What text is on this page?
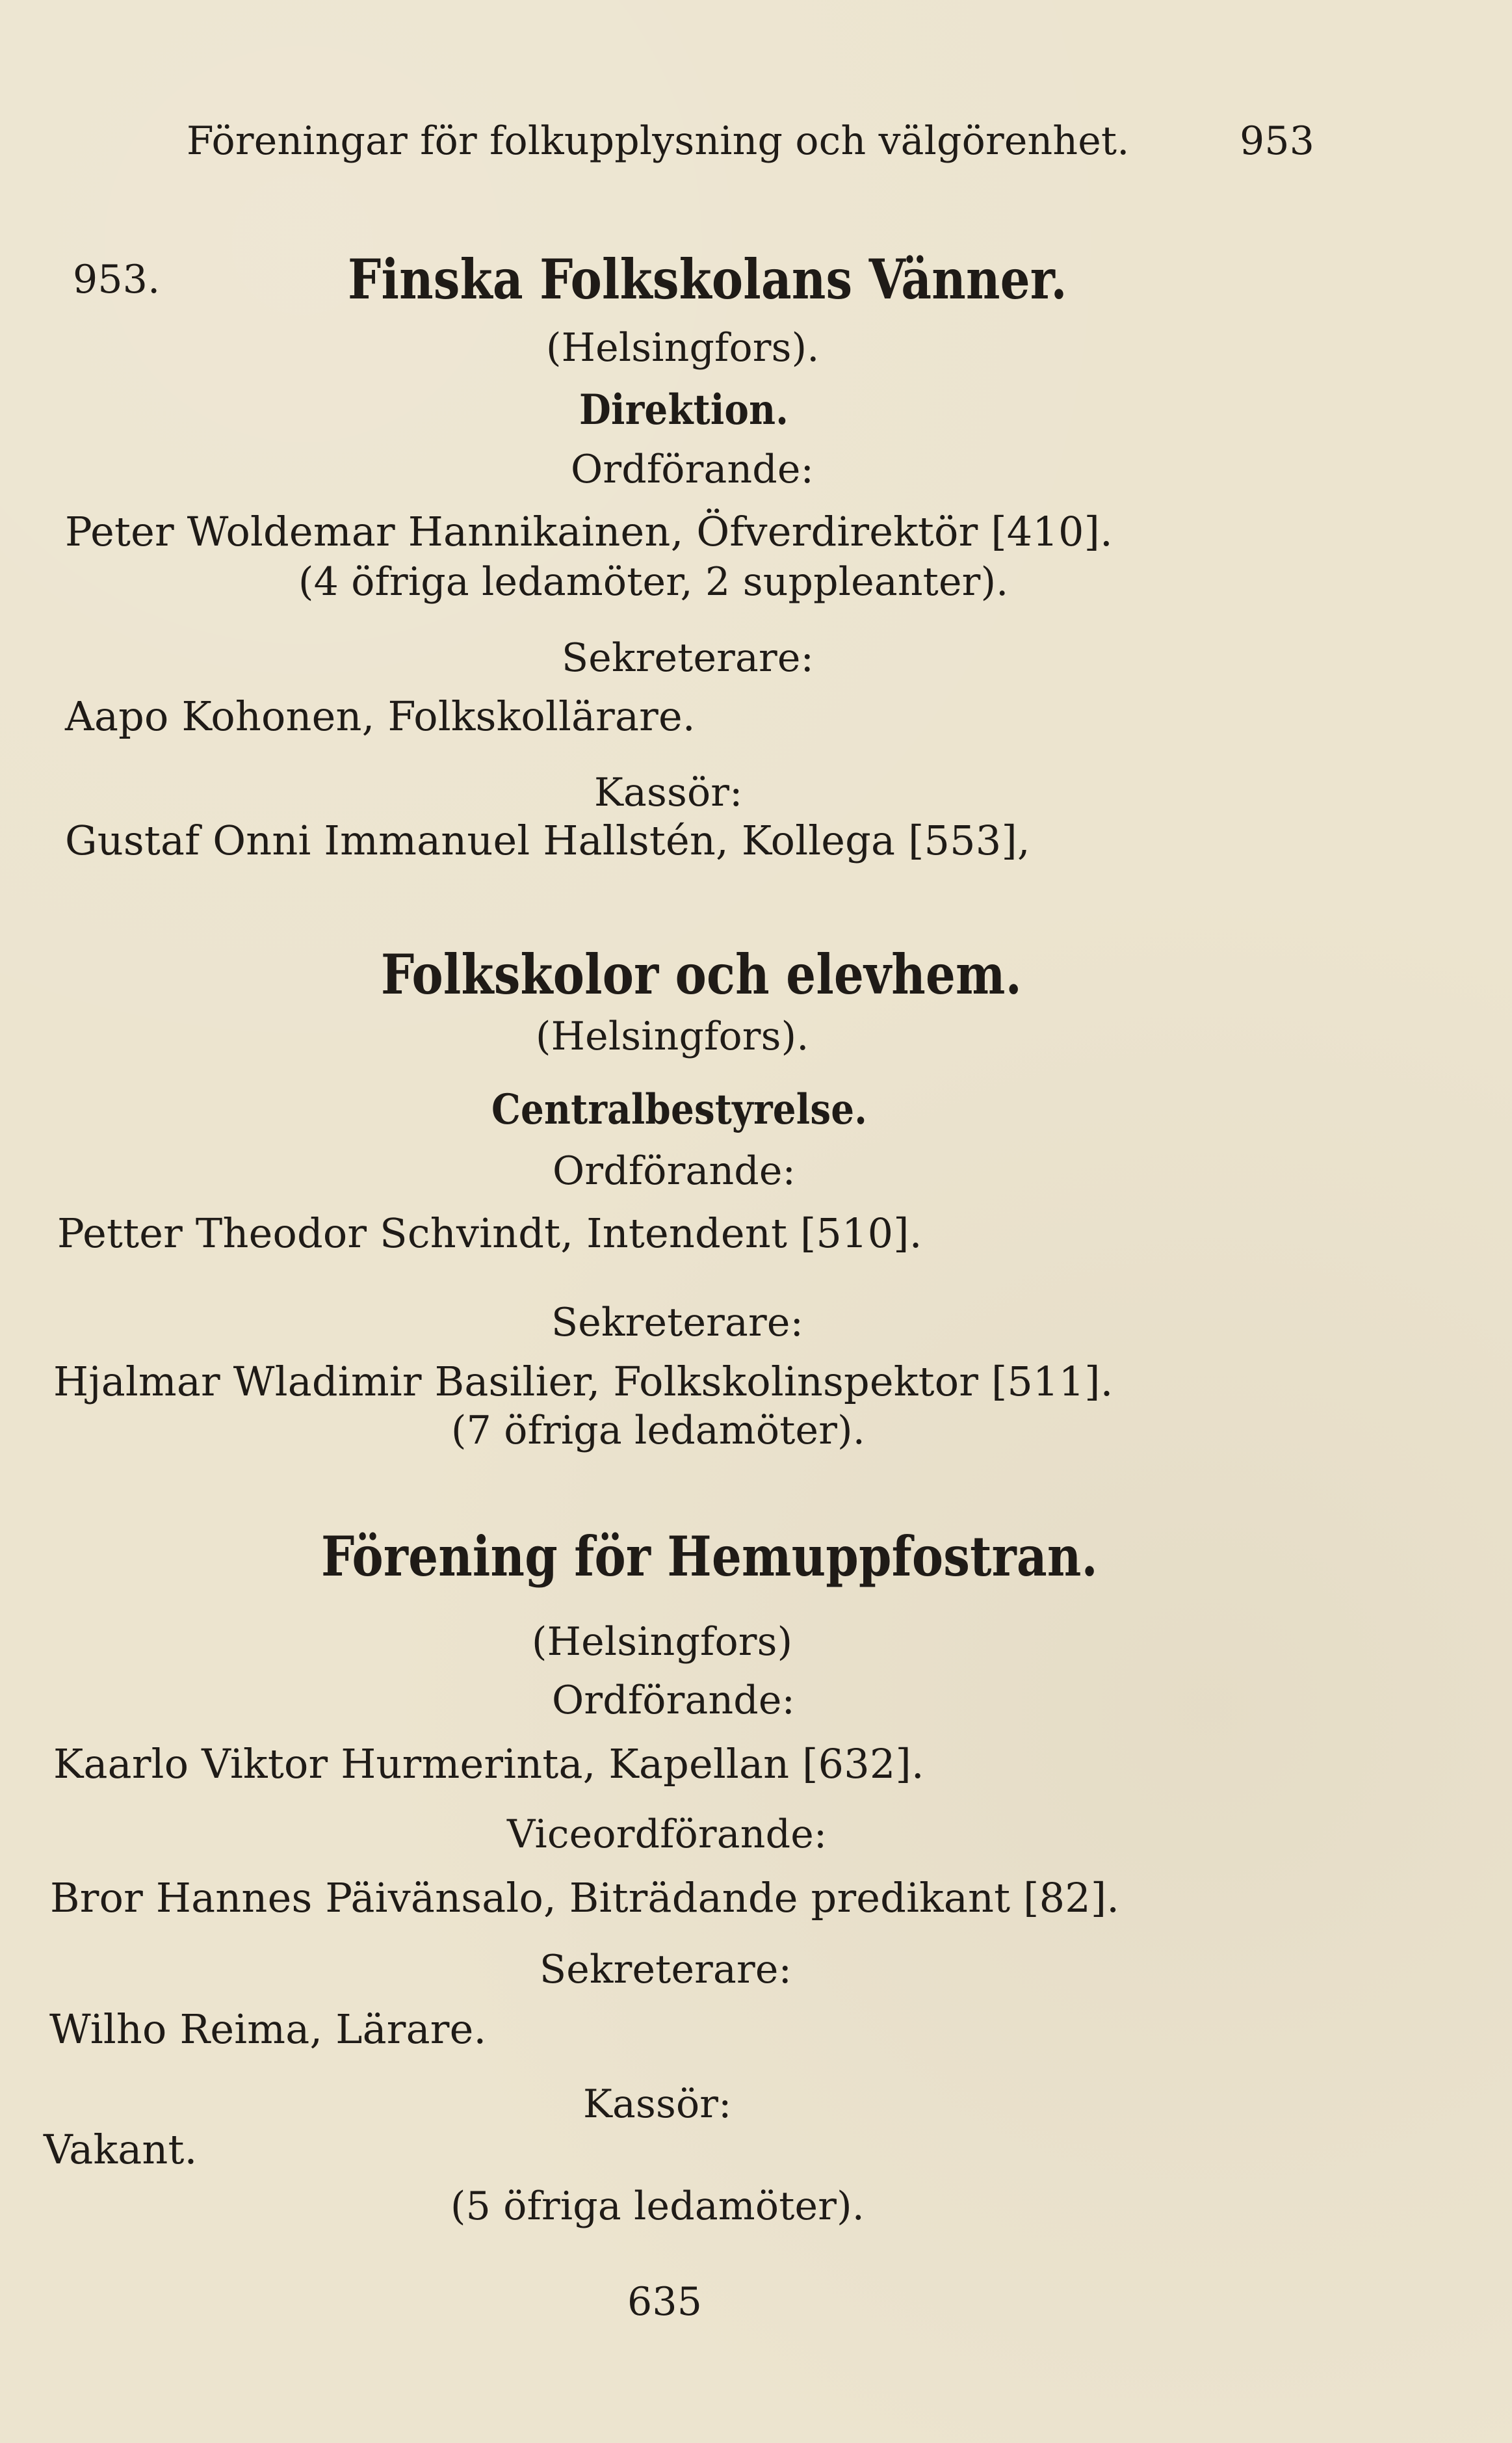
Föreningar för folkupplysning och välgörenhet.	953
953.	Finska Folkskolans Vänner.
(Helsingfors).
Direktion.
Ordförande:
Peter Woldemar Hannikainen, Öfverdirektör [410].
(4 öfriga ledamöter, 2 suppleanter).
Sekreterare:
Aapo Kohonen, Folkskollärare.
Kassör:
Gustaf Onni Immanuel Hallstén, Kollega [553],
Folkskolor och elevhem.
(Helsingfors).
Centralbestyrelse.
Ordförande:
Petter Theodor Schvindt, Intendent [510].
Sekreterare:
Hjalmar Wladimir Basilier, Folkskolinspektor [511].
(7 öfriga ledamöter).
Förening för Hemuppfostran.
(Helsingfors)
Ordförande:
Kaarlo Viktor Hurmerinta, Kapellan [632].
Viceordförande:
Bror Hannes Päivänsalo, Biträdande predikant [82].
Sekreterare:
Wilho Reima, Lärare.
Kassör:
Vakant.
(5 öfriga ledamöter).
635
